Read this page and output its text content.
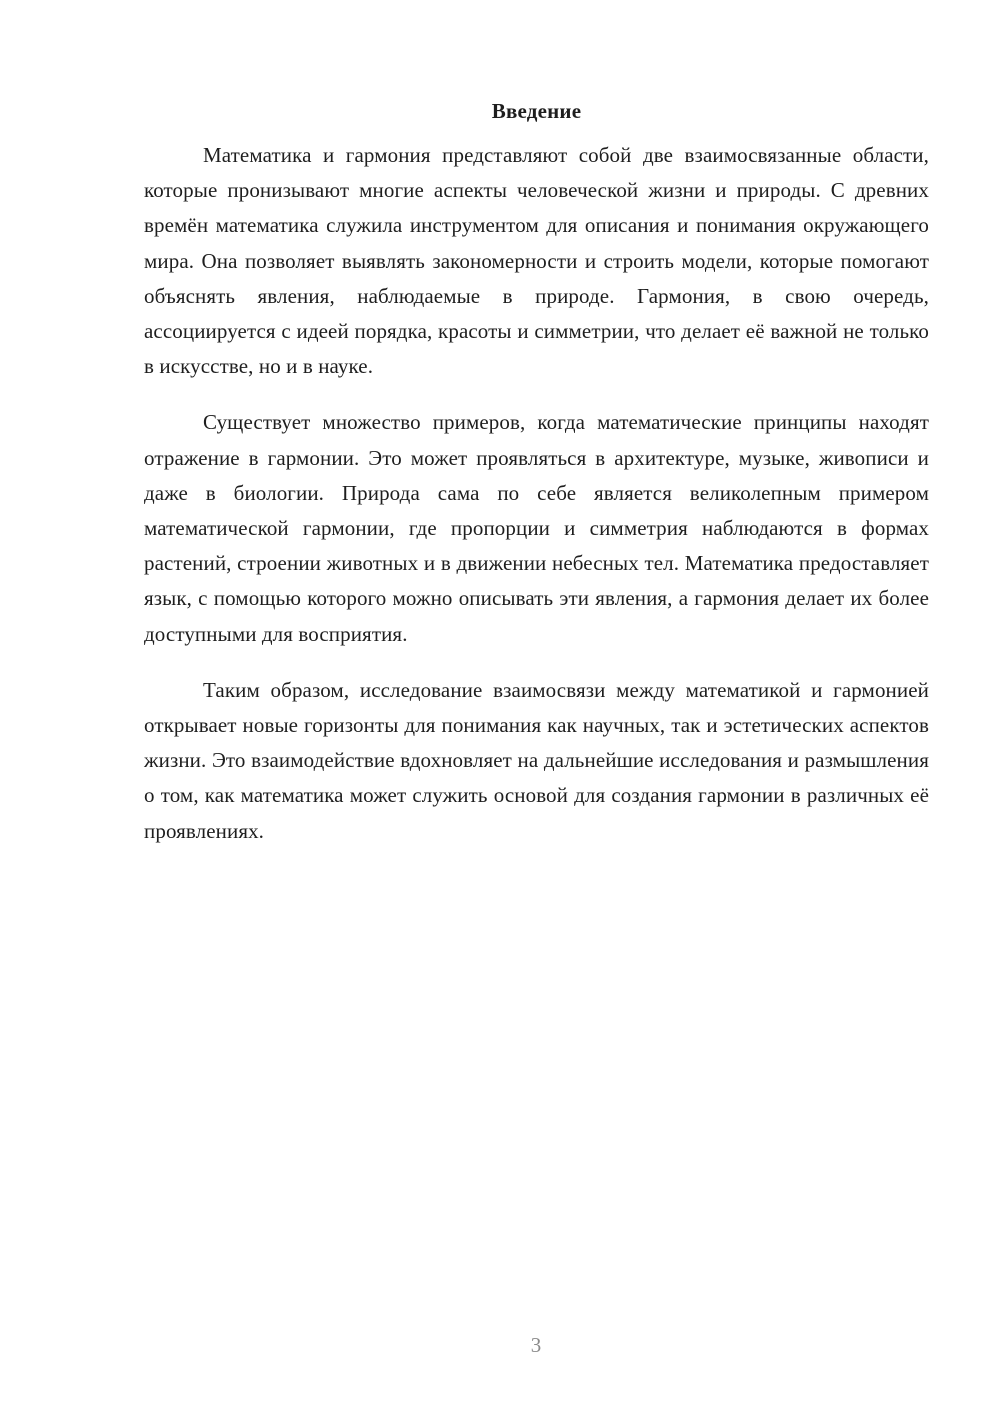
Введение

Математика и гармония представляют собой две взаимосвязанные области, которые пронизывают многие аспекты человеческой жизни и природы. С древних времён математика служила инструментом для описания и понимания окружающего мира. Она позволяет выявлять закономерности и строить модели, которые помогают объяснять явления, наблюдаемые в природе. Гармония, в свою очередь, ассоциируется с идеей порядка, красоты и симметрии, что делает её важной не только в искусстве, но и в науке.

Существует множество примеров, когда математические принципы находят отражение в гармонии. Это может проявляться в архитектуре, музыке, живописи и даже в биологии. Природа сама по себе является великолепным примером математической гармонии, где пропорции и симметрия наблюдаются в формах растений, строении животных и в движении небесных тел. Математика предоставляет язык, с помощью которого можно описывать эти явления, а гармония делает их более доступными для восприятия.

Таким образом, исследование взаимосвязи между математикой и гармонией открывает новые горизонты для понимания как научных, так и эстетических аспектов жизни. Это взаимодействие вдохновляет на дальнейшие исследования и размышления о том, как математика может служить основой для создания гармонии в различных её проявлениях.

3
